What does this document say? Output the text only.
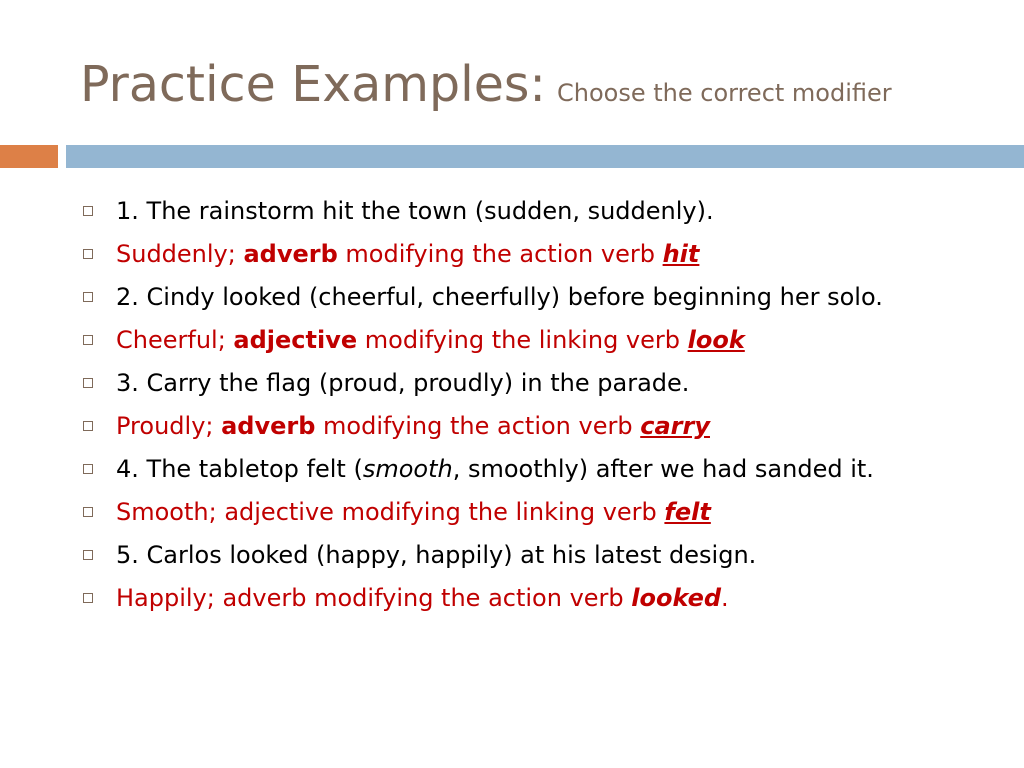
Practice Examples: Choose the correct modifier
1. The rainstorm hit the town (sudden, suddenly).
Suddenly; adverb modifying the action verb hit
2. Cindy looked (cheerful, cheerfully) before beginning her solo.
Cheerful; adjective modifying the linking verb look
3. Carry the flag (proud, proudly) in the parade.
Proudly; adverb modifying the action verb carry
4. The tabletop felt (smooth, smoothly) after we had sanded it.
Smooth; adjective modifying the linking verb felt
5. Carlos looked (happy, happily) at his latest design.
Happily; adverb modifying the action verb looked.
